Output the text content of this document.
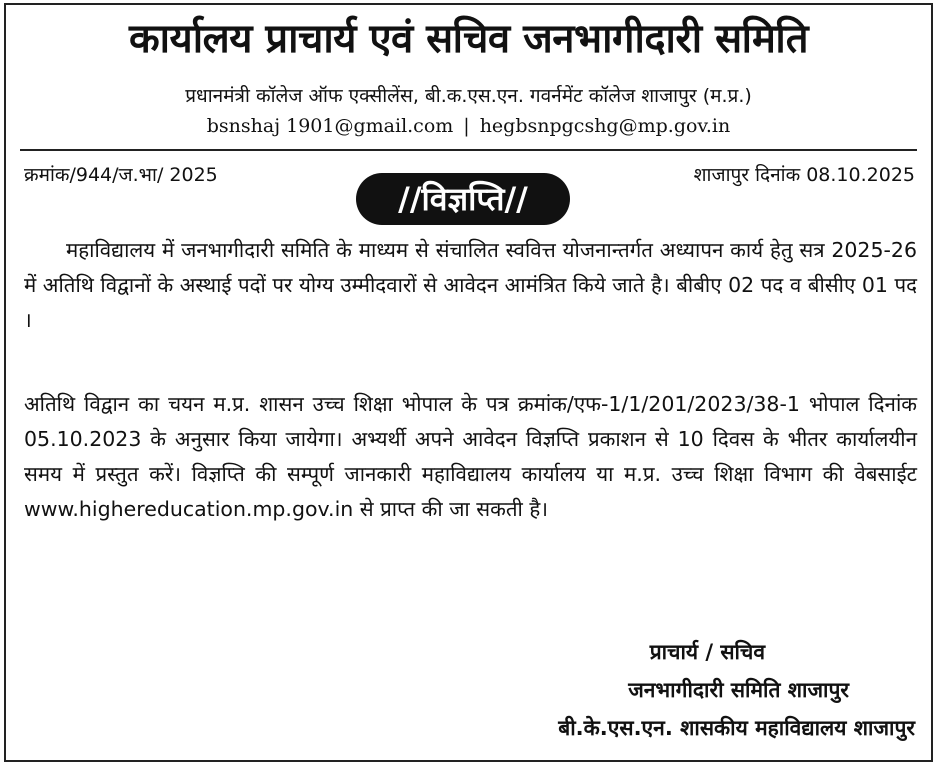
कार्यालय प्राचार्य एवं सचिव जनभागीदारी समिति
प्रधानमंत्री कॉलेज ऑफ एक्सीलेंस, बी.क.एस.एन. गवर्नमेंट कॉलेज शाजापुर (म.प्र.)
bsnshaj 1901@gmail.com | hegbsnpgcshg@mp.gov.in
क्रमांक/944/ज.भा/ 2025	शाजापुर दिनांक 08.10.2025
//विज्ञप्ति//

महाविद्यालय में जनभागीदारी समिति के माध्यम से संचालित स्ववित्त योजनान्तर्गत अध्यापन कार्य हेतु सत्र 2025-26 में अतिथि विद्वानों के अस्थाई पदों पर योग्य उम्मीदवारों से आवेदन आमंत्रित किये जाते है। बीबीए 02 पद व बीसीए 01 पद ।

अतिथि विद्वान का चयन म.प्र. शासन उच्च शिक्षा भोपाल के पत्र क्रमांक/एफ-1/1/201/2023/38-1 भोपाल दिनांक 05.10.2023 के अनुसार किया जायेगा। अभ्यर्थी अपने आवेदन विज्ञप्ति प्रकाशन से 10 दिवस के भीतर कार्यालयीन समय में प्रस्तुत करें। विज्ञप्ति की सम्पूर्ण जानकारी महाविद्यालय कार्यालय या म.प्र. उच्च शिक्षा विभाग की वेबसाईट www.highereducation.mp.gov.in से प्राप्त की जा सकती है।

प्राचार्य / सचिव
जनभागीदारी समिति शाजापुर
बी.के.एस.एन. शासकीय महाविद्यालय शाजापुर
